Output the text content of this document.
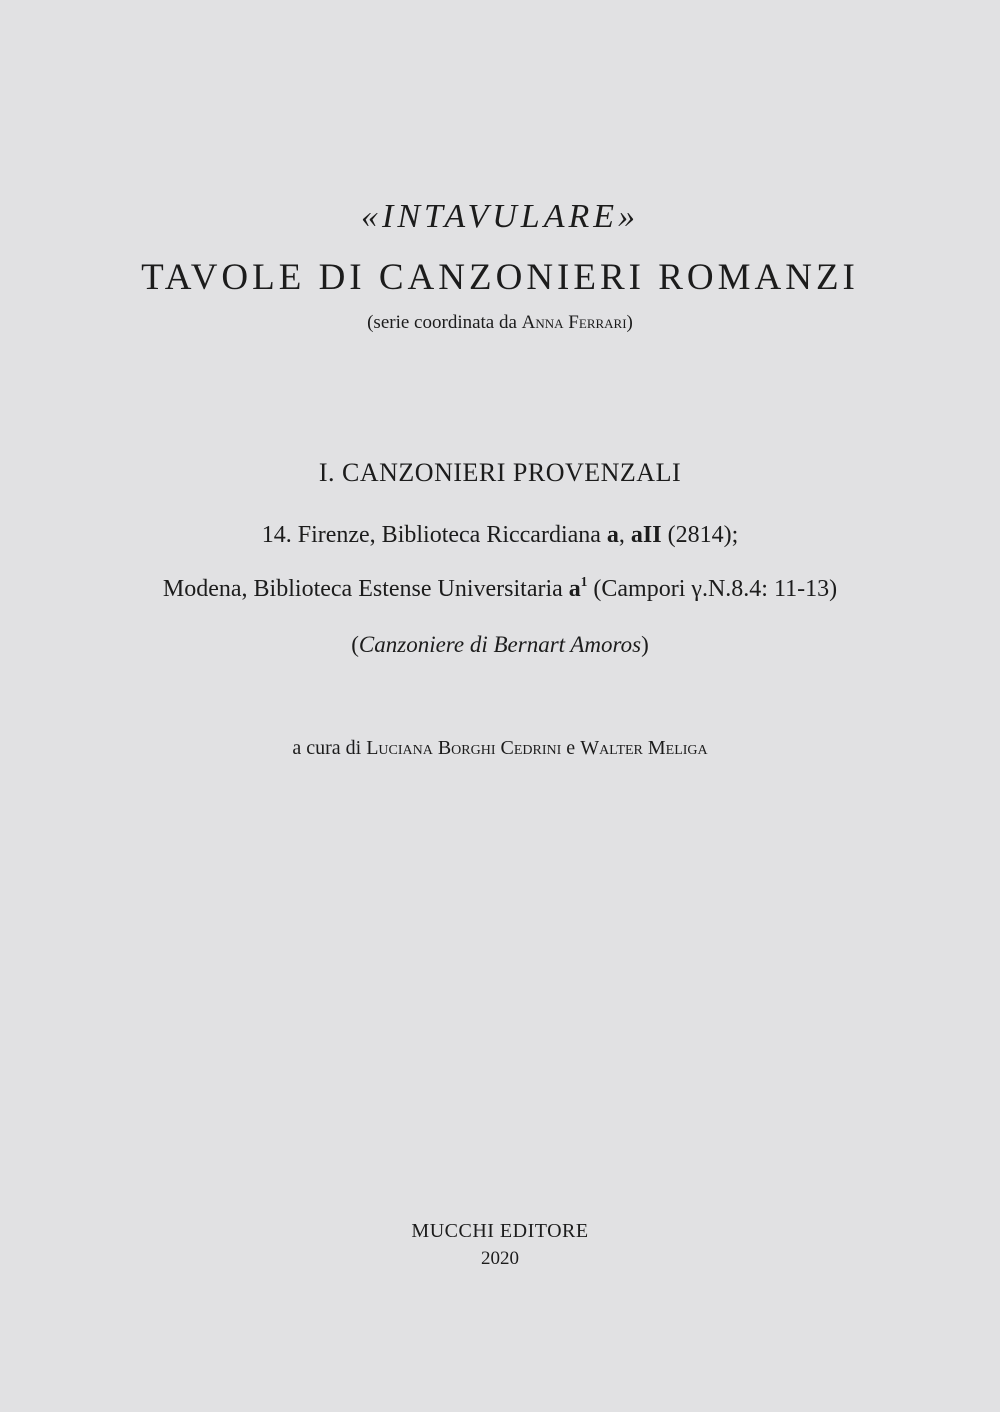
«INTAVULARE»
TAVOLE DI CANZONIERI ROMANZI
(serie coordinata da Anna Ferrari)
I. CANZONIERI PROVENZALI
14. Firenze, Biblioteca Riccardiana a, aII (2814);
Modena, Biblioteca Estense Universitaria $a^1$ (Campori γ.N.8.4: 11-13)
(Canzoniere di Bernart Amoros)
a cura di Luciana Borghi Cedrini e Walter Meliga
MUCCHI EDITORE
2020
